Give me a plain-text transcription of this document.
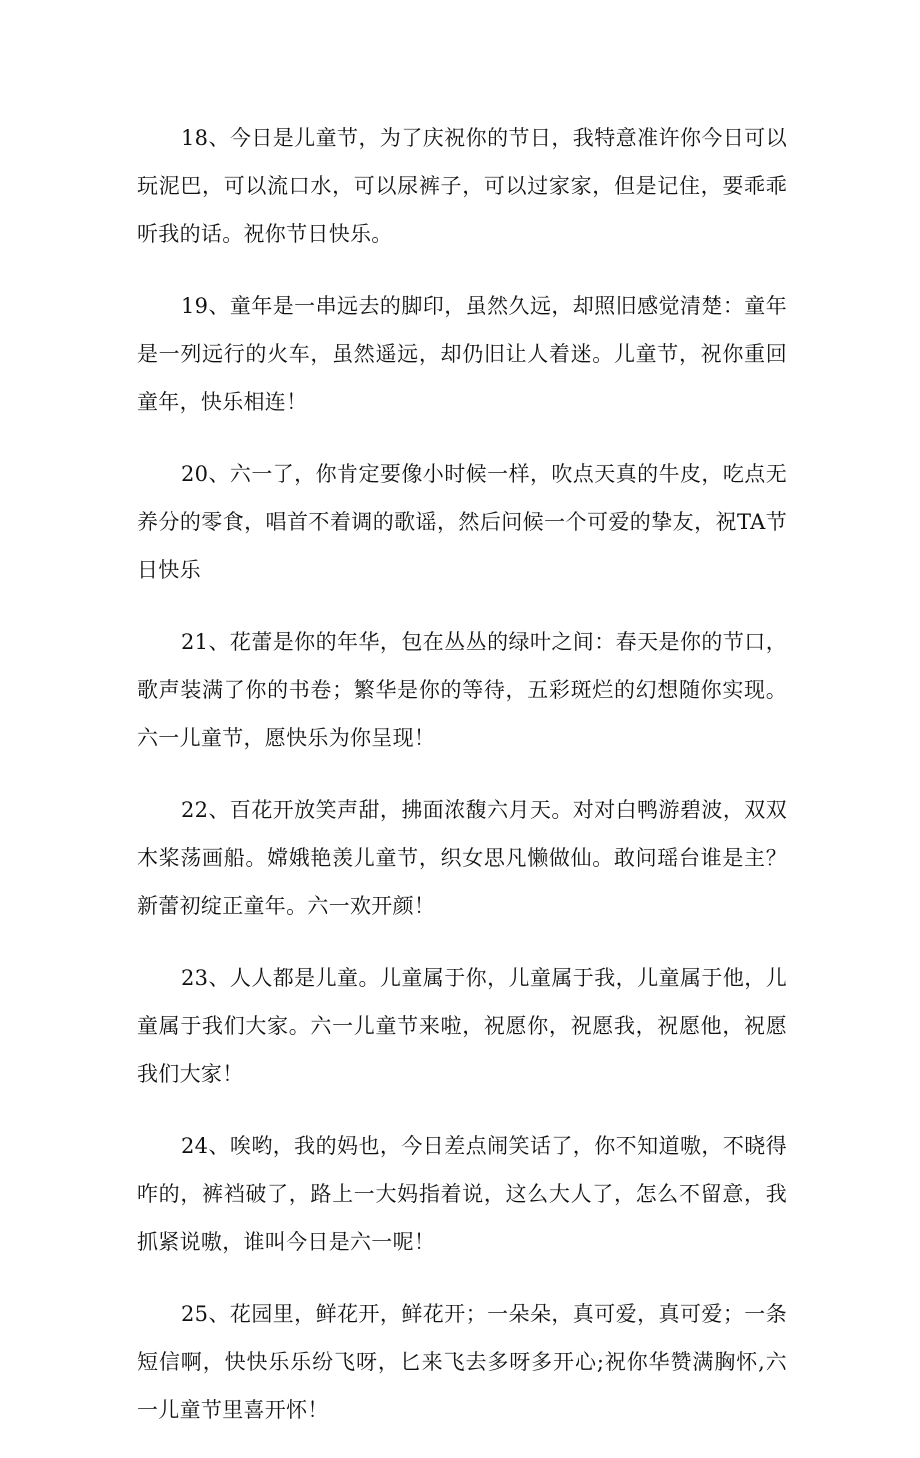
18、今日是儿童节，为了庆祝你的节日，我特意准许你今日可以玩泥巴，可以流口水，可以尿裤子，可以过家家，但是记住，要乖乖听我的话。祝你节日快乐。

19、童年是一串远去的脚印，虽然久远，却照旧感觉清楚：童年是一列远行的火车，虽然遥远，却仍旧让人着迷。儿童节，祝你重回童年，快乐相连！

20、六一了，你肯定要像小时候一样，吹点天真的牛皮，吃点无养分的零食，唱首不着调的歌谣，然后问候一个可爱的挚友，祝TA节日快乐

21、花蕾是你的年华，包在丛丛的绿叶之间：春天是你的节口，歌声装满了你的书卷；繁华是你的等待，五彩斑烂的幻想随你实现。六一儿童节，愿快乐为你呈现！

22、百花开放笑声甜，拂面浓馥六月天。对对白鸭游碧波，双双木桨荡画船。嫦娥艳羡儿童节，织女思凡懒做仙。敢问瑶台谁是主？新蕾初绽正童年。六一欢开颜！

23、人人都是儿童。儿童属于你，儿童属于我，儿童属于他，儿童属于我们大家。六一儿童节来啦，祝愿你，祝愿我，祝愿他，祝愿我们大家！

24、唉哟，我的妈也，今日差点闹笑话了，你不知道嗷，不晓得咋的，裤裆破了，路上一大妈指着说，这么大人了，怎么不留意，我抓紧说嗷，谁叫今日是六一呢！

25、花园里，鲜花开，鲜花开；一朵朵，真可爱，真可爱；一条短信啊，快快乐乐纷飞呀，匕来飞去多呀多开心;祝你华赞满胸怀,六一儿童节里喜开怀！
